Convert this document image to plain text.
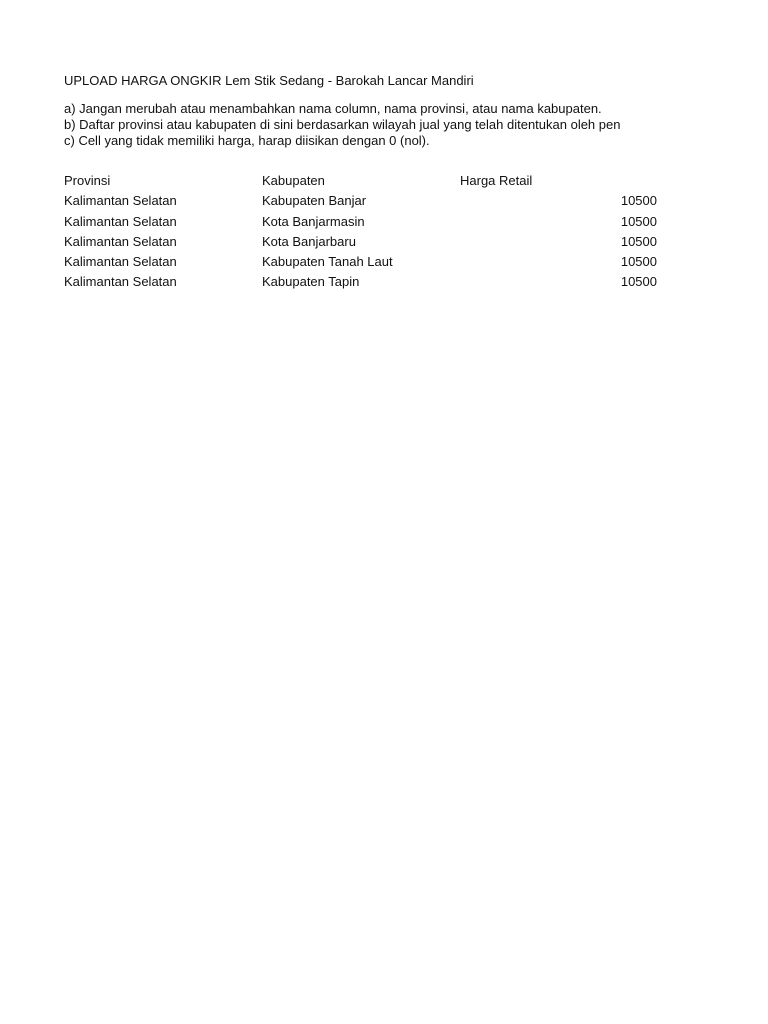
UPLOAD HARGA ONGKIR Lem Stik Sedang - Barokah Lancar Mandiri
a) Jangan merubah atau menambahkan nama column, nama provinsi, atau nama kabupaten.
b) Daftar provinsi atau kabupaten di sini berdasarkan wilayah jual yang telah ditentukan oleh pen
c) Cell yang tidak memiliki harga, harap diisikan dengan 0 (nol).
Provinsi	Kabupaten	Harga Retail
Kalimantan Selatan	Kabupaten Banjar	10500
Kalimantan Selatan	Kota Banjarmasin	10500
Kalimantan Selatan	Kota Banjarbaru	10500
Kalimantan Selatan	Kabupaten Tanah Laut	10500
Kalimantan Selatan	Kabupaten Tapin	10500
